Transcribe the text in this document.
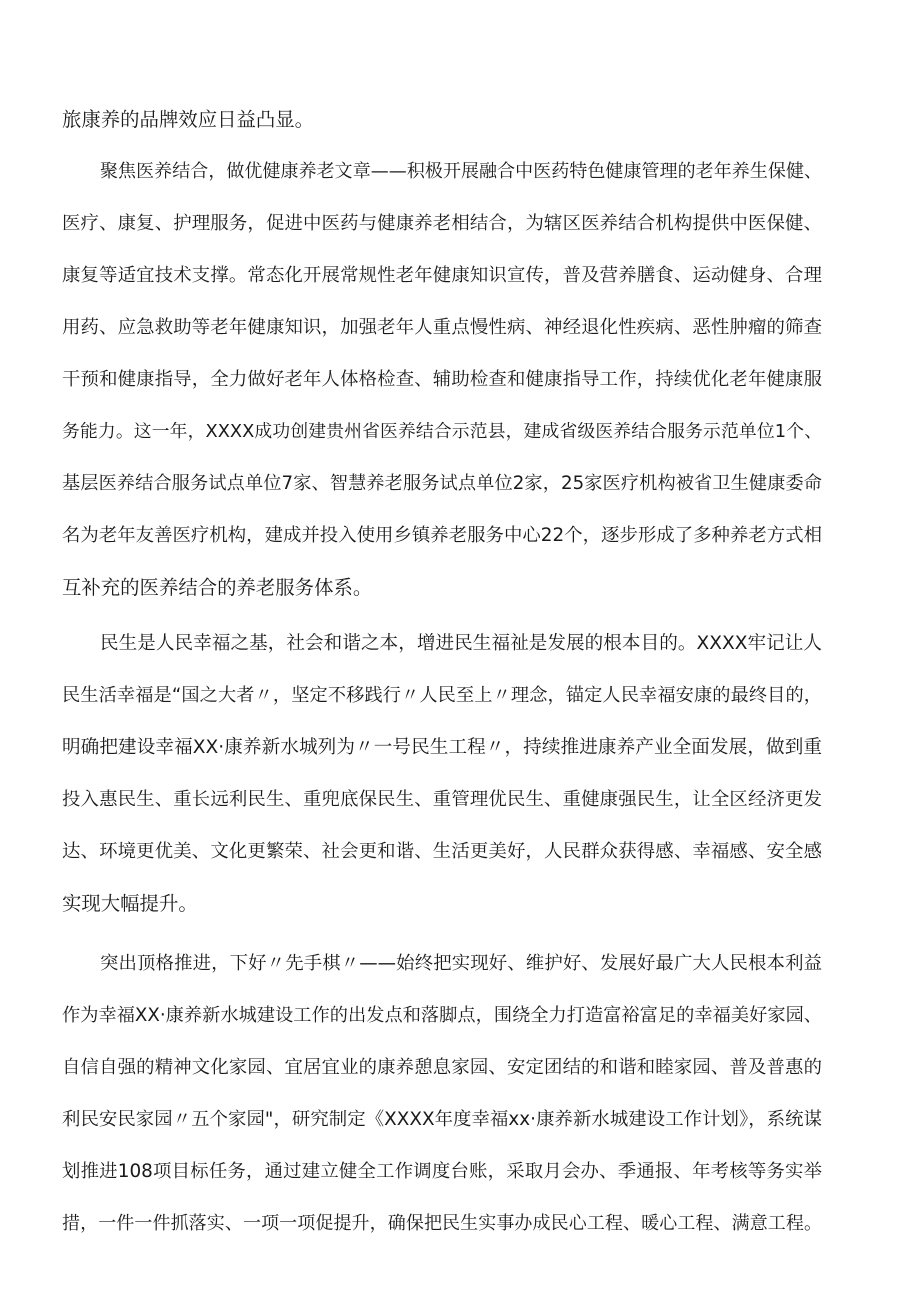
旅康养的品牌效应日益凸显。
聚焦医养结合，做优健康养老文章——积极开展融合中医药特色健康管理的老年养生保健、
医疗、康复、护理服务，促进中医药与健康养老相结合，为辖区医养结合机构提供中医保健、
康复等适宜技术支撑。常态化开展常规性老年健康知识宣传，普及营养膳食、运动健身、合理
用药、应急救助等老年健康知识，加强老年人重点慢性病、神经退化性疾病、恶性肿瘤的筛查
干预和健康指导，全力做好老年人体格检查、辅助检查和健康指导工作，持续优化老年健康服
务能力。这一年，XXXX成功创建贵州省医养结合示范县，建成省级医养结合服务示范单位1个、
基层医养结合服务试点单位7家、智慧养老服务试点单位2家，25家医疗机构被省卫生健康委命
名为老年友善医疗机构，建成并投入使用乡镇养老服务中心22个，逐步形成了多种养老方式相
互补充的医养结合的养老服务体系。
民生是人民幸福之基，社会和谐之本，增进民生福祉是发展的根本目的。XXXX牢记让人
民生活幸福是“国之大者〃，坚定不移践行〃人民至上〃理念，锚定人民幸福安康的最终目的，
明确把建设幸福XX·康养新水城列为〃一号民生工程〃，持续推进康养产业全面发展，做到重
投入惠民生、重长远利民生、重兜底保民生、重管理优民生、重健康强民生，让全区经济更发
达、环境更优美、文化更繁荣、社会更和谐、生活更美好，人民群众获得感、幸福感、安全感
实现大幅提升。
突出顶格推进，下好〃先手棋〃——始终把实现好、维护好、发展好最广大人民根本利益
作为幸福XX·康养新水城建设工作的出发点和落脚点，围绕全力打造富裕富足的幸福美好家园、
自信自强的精神文化家园、宜居宜业的康养憩息家园、安定团结的和谐和睦家园、普及普惠的
利民安民家园〃五个家园"，研究制定《XXXX年度幸福xx·康养新水城建设工作计划》，系统谋
划推进108项目标任务，通过建立健全工作调度台账，采取月会办、季通报、年考核等务实举
措，一件一件抓落实、一项一项促提升，确保把民生实事办成民心工程、暖心工程、满意工程。
